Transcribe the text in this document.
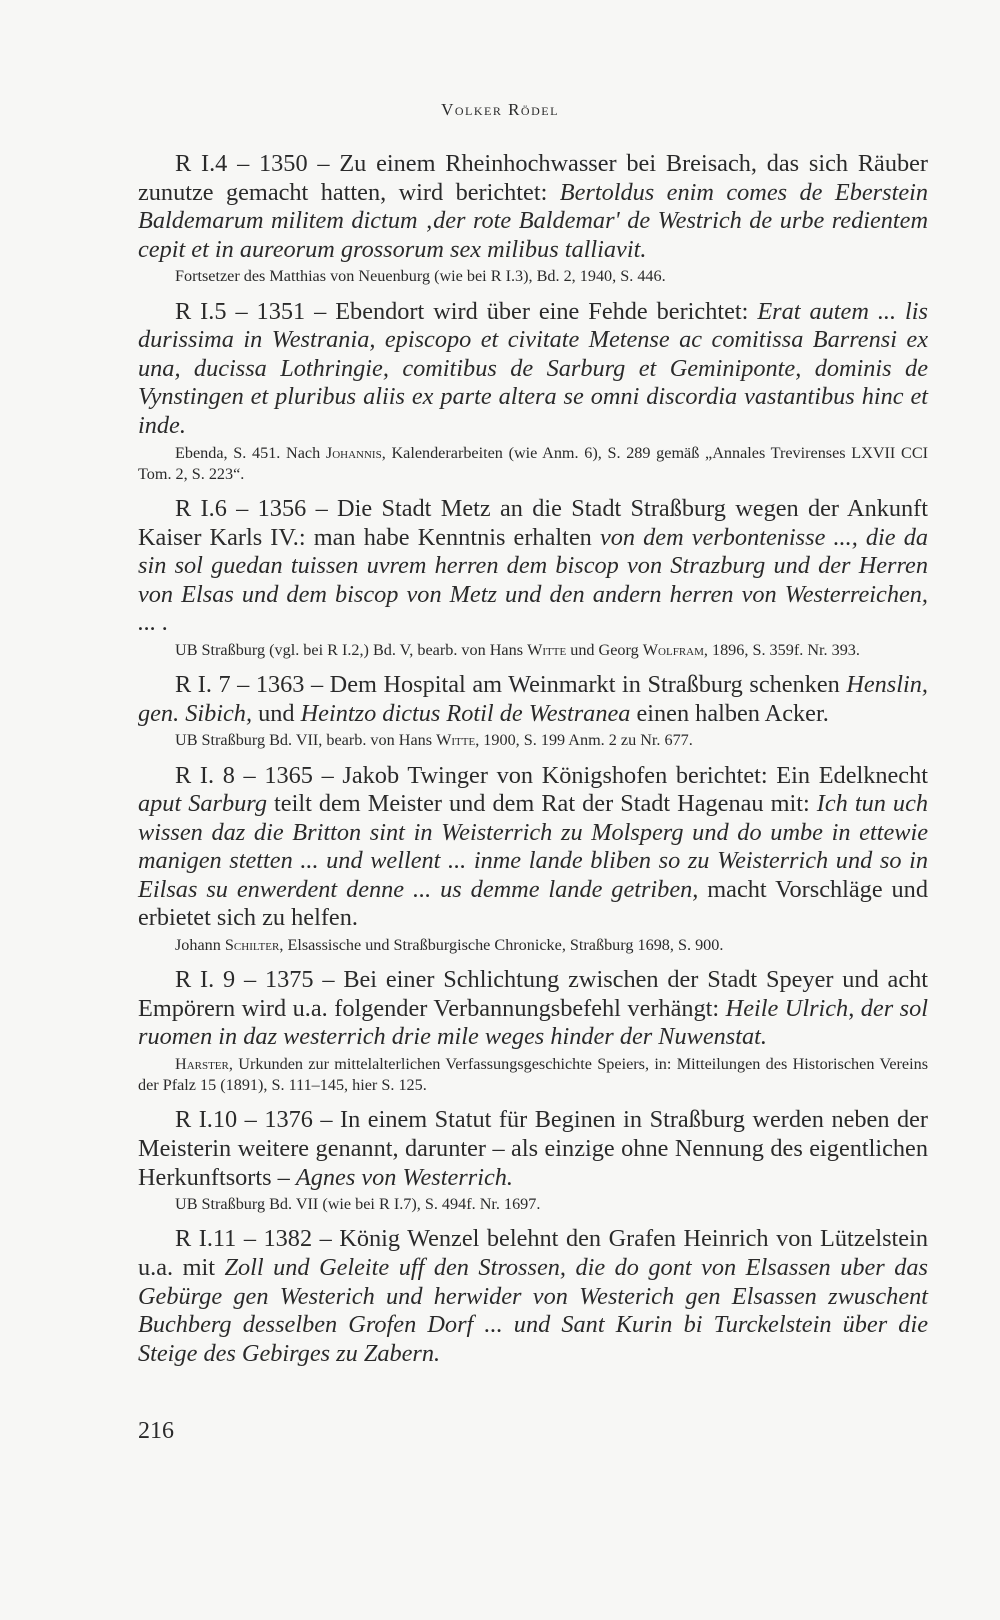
Volker Rödel

R I.4 – 1350 – Zu einem Rheinhochwasser bei Breisach, das sich Räuber zunutze gemacht hatten, wird berichtet: Bertoldus enim comes de Eberstein Baldemarum militem dictum ‚der rote Baldemar' de Westrich de urbe redientem cepit et in aureorum grossorum sex milibus talliavit.

Fortsetzer des Matthias von Neuenburg (wie bei R I.3), Bd. 2, 1940, S. 446.

R I.5 – 1351 – Ebendort wird über eine Fehde berichtet: Erat autem ... lis durissima in Westrania, episcopo et civitate Metense ac comitissa Barrensi ex una, ducissa Lothringie, comitibus de Sarburg et Geminiponte, dominis de Vynstingen et pluribus aliis ex parte altera se omni discordia vastantibus hinc et inde.

Ebenda, S. 451. Nach Johannis, Kalenderarbeiten (wie Anm. 6), S. 289 gemäß „Annales Trevirenses LXVII CCI Tom. 2, S. 223“.

R I.6 – 1356 – Die Stadt Metz an die Stadt Straßburg wegen der Ankunft Kaiser Karls IV.: man habe Kenntnis erhalten von dem verbontenisse ..., die da sin sol guedan tuissen uvrem herren dem biscop von Strazburg und der Herren von Elsas und dem biscop von Metz und den andern herren von Westerreichen, ... .

UB Straßburg (vgl. bei R I.2,) Bd. V, bearb. von Hans Witte und Georg Wolfram, 1896, S. 359f. Nr. 393.

R I. 7 – 1363 – Dem Hospital am Weinmarkt in Straßburg schenken Henslin, gen. Sibich, und Heintzo dictus Rotil de Westranea einen halben Acker.

UB Straßburg Bd. VII, bearb. von Hans Witte, 1900, S. 199 Anm. 2 zu Nr. 677.

R I. 8 – 1365 – Jakob Twinger von Königshofen berichtet: Ein Edelknecht aput Sarburg teilt dem Meister und dem Rat der Stadt Hagenau mit: Ich tun uch wissen daz die Britton sint in Weisterrich zu Molsperg und do umbe in ettewie manigen stetten ... und wellent ... inme lande bliben so zu Weisterrich und so in Eilsas su enwerdent denne ... us demme lande getriben, macht Vorschläge und erbietet sich zu helfen.

Johann Schilter, Elsassische und Straßburgische Chronicke, Straßburg 1698, S. 900.

R I. 9 – 1375 – Bei einer Schlichtung zwischen der Stadt Speyer und acht Empörern wird u.a. folgender Verbannungsbefehl verhängt: Heile Ulrich, der sol ruomen in daz westerrich drie mile weges hinder der Nuwenstat.

Harster, Urkunden zur mittelalterlichen Verfassungsgeschichte Speiers, in: Mitteilungen des Historischen Vereins der Pfalz 15 (1891), S. 111–145, hier S. 125.

R I.10 – 1376 – In einem Statut für Beginen in Straßburg werden neben der Meisterin weitere genannt, darunter – als einzige ohne Nennung des eigentlichen Herkunftsorts – Agnes von Westerrich.

UB Straßburg Bd. VII (wie bei R I.7), S. 494f. Nr. 1697.

R I.11 – 1382 – König Wenzel belehnt den Grafen Heinrich von Lützelstein u.a. mit Zoll und Geleite uff den Strossen, die do gont von Elsassen uber das Gebürge gen Westerich und herwider von Westerich gen Elsassen zwuschent Buchberg desselben Grofen Dorf ... und Sant Kurin bi Turckelstein über die Steige des Gebirges zu Zabern.

216
